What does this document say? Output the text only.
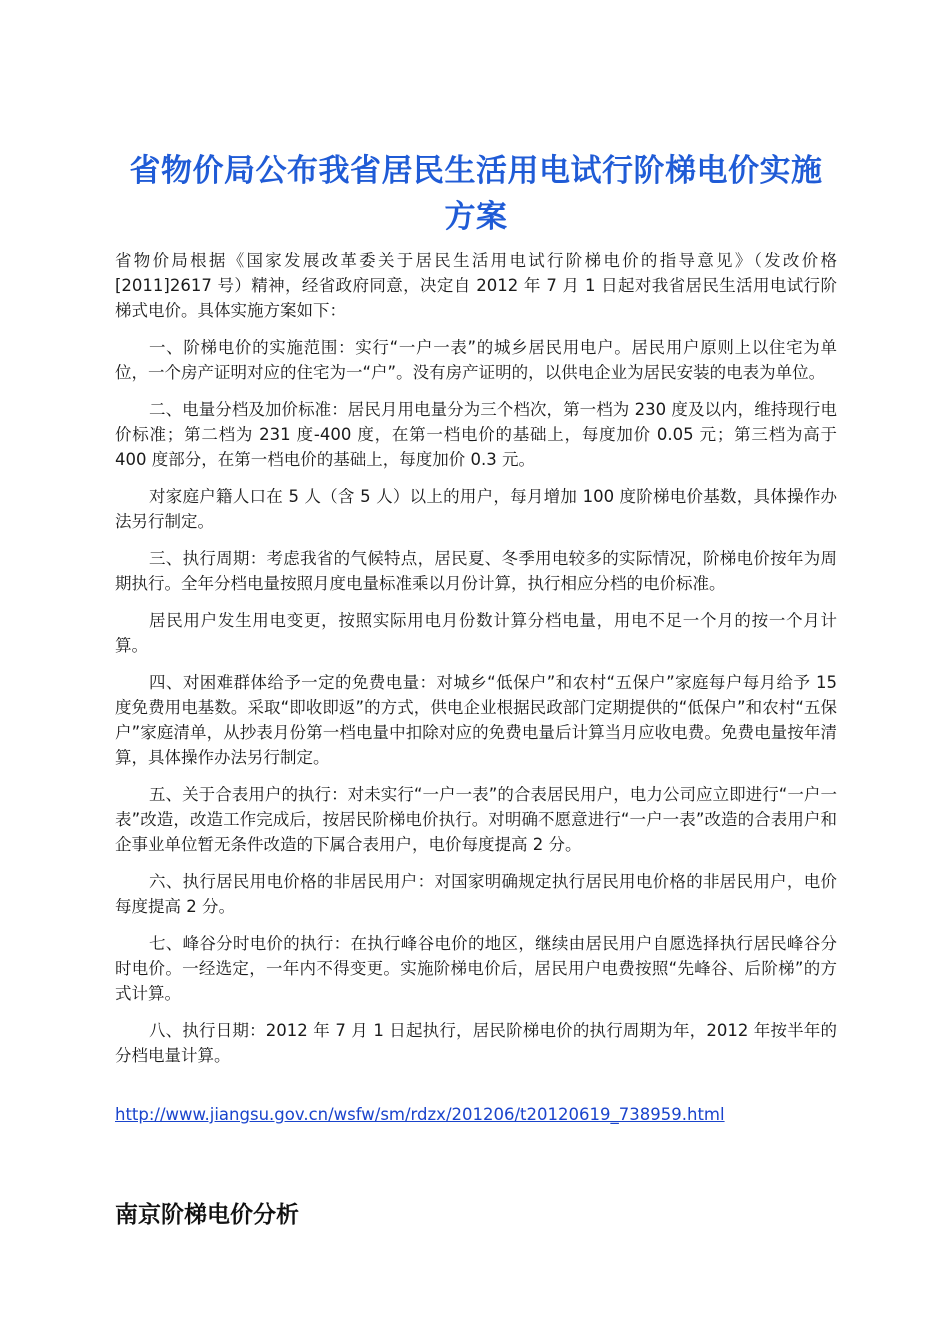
省物价局公布我省居民生活用电试行阶梯电价实施方案

省物价局根据《国家发展改革委关于居民生活用电试行阶梯电价的指导意见》（发改价格[2011]2617 号）精神，经省政府同意，决定自 2012 年 7 月 1 日起对我省居民生活用电试行阶梯式电价。具体实施方案如下：

一、阶梯电价的实施范围：实行“一户一表”的城乡居民用电户。居民用户原则上以住宅为单位，一个房产证明对应的住宅为一“户”。没有房产证明的，以供电企业为居民安装的电表为单位。

二、电量分档及加价标准：居民月用电量分为三个档次，第一档为 230 度及以内，维持现行电价标准；第二档为 231 度-400 度，在第一档电价的基础上，每度加价 0.05 元；第三档为高于 400 度部分，在第一档电价的基础上，每度加价 0.3 元。

对家庭户籍人口在 5 人（含 5 人）以上的用户，每月增加 100 度阶梯电价基数，具体操作办法另行制定。

三、执行周期：考虑我省的气候特点，居民夏、冬季用电较多的实际情况，阶梯电价按年为周期执行。全年分档电量按照月度电量标准乘以月份计算，执行相应分档的电价标准。

居民用户发生用电变更，按照实际用电月份数计算分档电量，用电不足一个月的按一个月计算。

四、对困难群体给予一定的免费电量：对城乡“低保户”和农村“五保户”家庭每户每月给予 15 度免费用电基数。采取“即收即返”的方式，供电企业根据民政部门定期提供的“低保户”和农村“五保户”家庭清单，从抄表月份第一档电量中扣除对应的免费电量后计算当月应收电费。免费电量按年清算，具体操作办法另行制定。

五、关于合表用户的执行：对未实行“一户一表”的合表居民用户，电力公司应立即进行“一户一表”改造，改造工作完成后，按居民阶梯电价执行。对明确不愿意进行“一户一表”改造的合表用户和企事业单位暂无条件改造的下属合表用户，电价每度提高 2 分。

六、执行居民用电价格的非居民用户：对国家明确规定执行居民用电价格的非居民用户，电价每度提高 2 分。

七、峰谷分时电价的执行：在执行峰谷电价的地区，继续由居民用户自愿选择执行居民峰谷分时电价。一经选定，一年内不得变更。实施阶梯电价后，居民用户电费按照“先峰谷、后阶梯”的方式计算。

八、执行日期：2012 年 7 月 1 日起执行，居民阶梯电价的执行周期为年，2012 年按半年的分档电量计算。

http://www.jiangsu.gov.cn/wsfw/sm/rdzx/201206/t20120619_738959.html

南京阶梯电价分析
